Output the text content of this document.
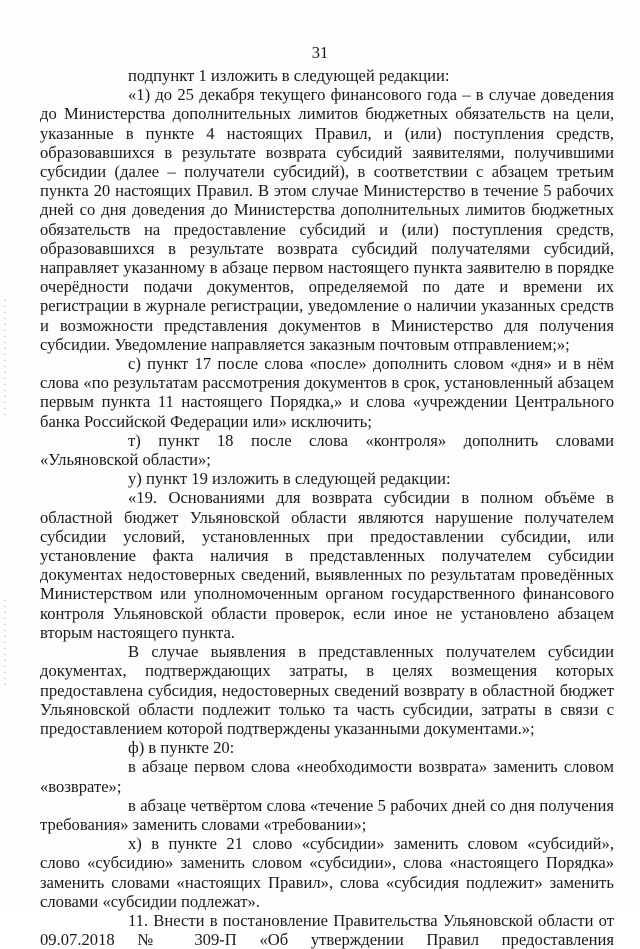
31

подпункт 1 изложить в следующей редакции:

«1) до 25 декабря текущего финансового года – в случае доведения до Министерства дополнительных лимитов бюджетных обязательств на цели, указанные в пункте 4 настоящих Правил, и (или) поступления средств, образовавшихся в результате возврата субсидий заявителями, получившими субсидии (далее – получатели субсидий), в соответствии с абзацем третьим пункта 20 настоящих Правил. В этом случае Министерство в течение 5 рабочих дней со дня доведения до Министерства дополнительных лимитов бюджетных обязательств на предоставление субсидий и (или) поступления средств, образовавшихся в результате возврата субсидий получателями субсидий, направляет указанному в абзаце первом настоящего пункта заявителю в порядке очерёдности подачи документов, определяемой по дате и времени их регистрации в журнале регистрации, уведомление о наличии указанных средств и возможности представления документов в Министерство для получения субсидии. Уведомление направляется заказным почтовым отправлением;»;

с) пункт 17 после слова «после» дополнить словом «дня» и в нём слова «по результатам рассмотрения документов в срок, установленный абзацем первым пункта 11 настоящего Порядка,» и слова «учреждении Центрального банка Российской Федерации или» исключить;

т) пункт 18 после слова «контроля» дополнить словами «Ульяновской области»;

у) пункт 19 изложить в следующей редакции:

«19. Основаниями для возврата субсидии в полном объёме в областной бюджет Ульяновской области являются нарушение получателем субсидии условий, установленных при предоставлении субсидии, или установление факта наличия в представленных получателем субсидии документах недостоверных сведений, выявленных по результатам проведённых Министерством или уполномоченным органом государственного финансового контроля Ульяновской области проверок, если иное не установлено абзацем вторым настоящего пункта.

В случае выявления в представленных получателем субсидии документах, подтверждающих затраты, в целях возмещения которых предоставлена субсидия, недостоверных сведений возврату в областной бюджет Ульяновской области подлежит только та часть субсидии, затраты в связи с предоставлением которой подтверждены указанными документами.»;

ф) в пункте 20:

в абзаце первом слова «необходимости возврата» заменить словом «возврате»;

в абзаце четвёртом слова «течение 5 рабочих дней со дня получения требования» заменить словами «требовании»;

х) в пункте 21 слово «субсидии» заменить словом «субсидий», слово «субсидию» заменить словом «субсидии», слова «настоящего Порядка» заменить словами «настоящих Правил», слова «субсидия подлежит» заменить словами «субсидии подлежат».

11. Внести в постановление Правительства Ульяновской области от 09.07.2018 № 309-П «Об утверждении Правил предоставления
